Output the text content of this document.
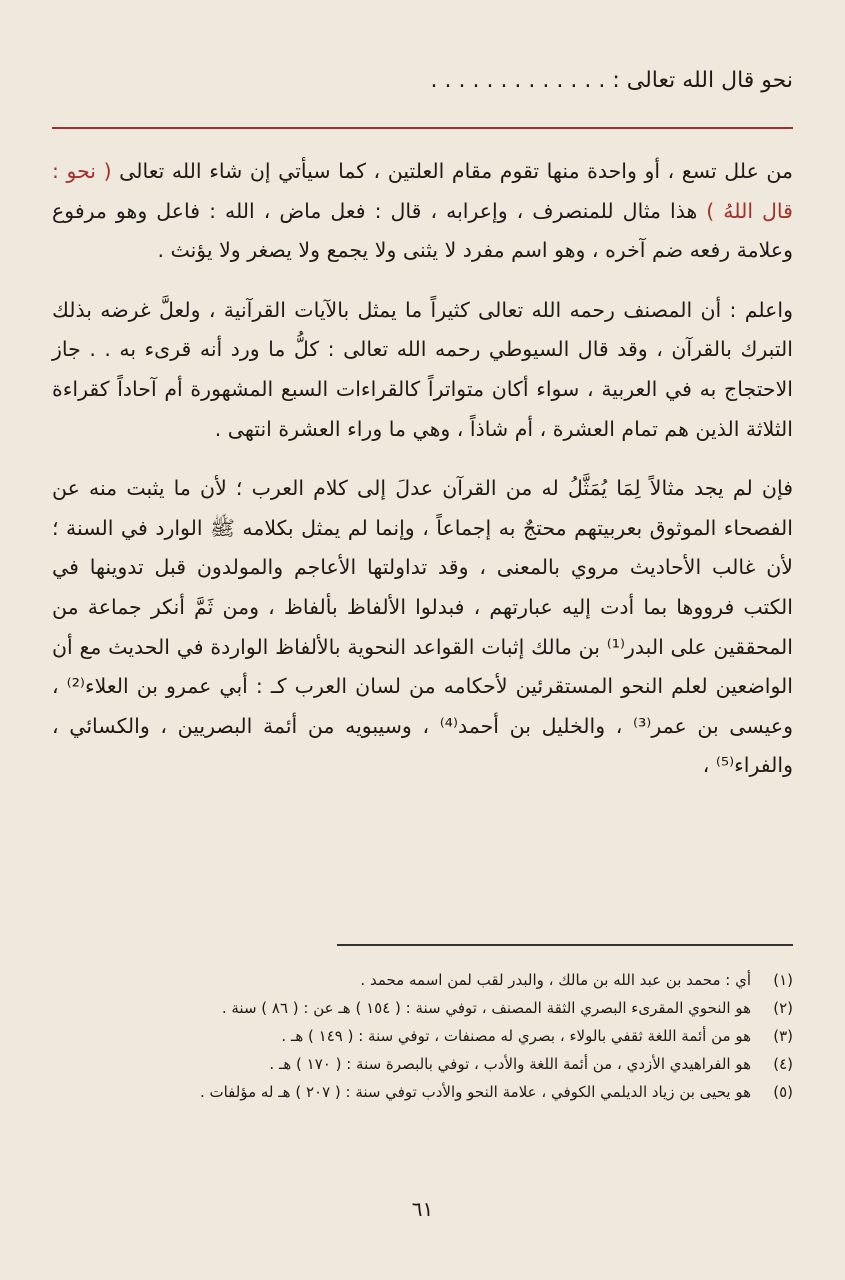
نحو قال الله تعالى : . . . . . . . . . . . . .

من علل تسع ، أو واحدة منها تقوم مقام العلتين ، كما سيأتي إن شاء الله تعالى ( نحو : قال اللهُ ) هذا مثال للمنصرف ، وإعرابه ، قال : فعل ماض ، الله : فاعل وهو مرفوع وعلامة رفعه ضم آخره ، وهو اسم مفرد لا يثنى ولا يجمع ولا يصغر ولا يؤنث .

واعلم : أن المصنف رحمه الله تعالى كثيراً ما يمثل بالآيات القرآنية ، ولعلَّ غرضه بذلك التبرك بالقرآن ، وقد قال السيوطي رحمه الله تعالى : كلُّ ما ورد أنه قرىء به . . جاز الاحتجاج به في العربية ، سواء أكان متواتراً كالقراءات السبع المشهورة أم آحاداً كقراءة الثلاثة الذين هم تمام العشرة ، أم شاذاً ، وهي ما وراء العشرة انتهى .

فإن لم يجد مثالاً لِمَا يُمَثَّلُ له من القرآن عدلَ إلى كلام العرب ؛ لأن ما يثبت منه عن الفصحاء الموثوق بعربيتهم محتجٌ به إجماعاً ، وإنما لم يمثل بكلامه ﷺ الوارد في السنة ؛ لأن غالب الأحاديث مروي بالمعنى ، وقد تداولتها الأعاجم والمولدون قبل تدوينها في الكتب فرووها بما أدت إليه عبارتهم ، فبدلوا الألفاظ بألفاظ ، ومن ثَمَّ أنكر جماعة من المحققين على البدر⁽¹⁾ بن مالك إثبات القواعد النحوية بالألفاظ الواردة في الحديث مع أن الواضعين لعلم النحو المستقرئين لأحكامه من لسان العرب كـ : أبي عمرو بن العلاء⁽²⁾ ، وعيسى بن عمر⁽³⁾ ، والخليل بن أحمد⁽⁴⁾ ، وسيبويه من أئمة البصريين ، والكسائي ، والفراء⁽⁵⁾ ،

(١)
أي : محمد بن عبد الله بن مالك ، والبدر لقب لمن اسمه محمد .
(٢)
هو النحوي المقرىء البصري الثقة المصنف ، توفي سنة : ( ١٥٤ ) هـ عن : ( ٨٦ ) سنة .
(٣)
هو من أئمة اللغة ثقفي بالولاء ، بصري له مصنفات ، توفي سنة : ( ١٤٩ ) هـ .
(٤)
هو الفراهيدي الأزدي ، من أئمة اللغة والأدب ، توفي بالبصرة سنة : ( ١٧٠ ) هـ .
(٥)
هو يحيى بن زياد الديلمي الكوفي ، علامة النحو والأدب توفي سنة : ( ٢٠٧ ) هـ له مؤلفات .
٦١
